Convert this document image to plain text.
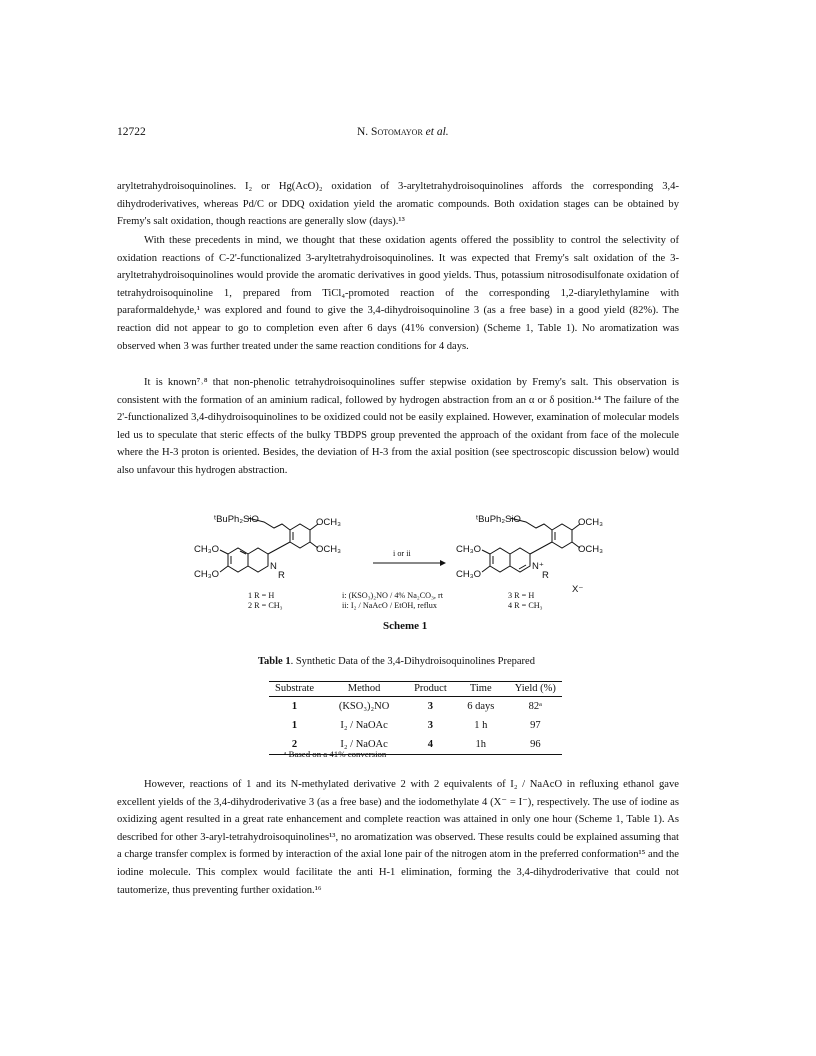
12722	N. Sotomayor et al.

aryltetrahydroisoquinolines. I₂ or Hg(AcO)₂ oxidation of 3-aryltetrahydroisoquinolines affords the corresponding 3,4-dihydroderivatives, whereas Pd/C or DDQ oxidation yield the aromatic compounds. Both oxidation stages can be obtained by Fremy's salt oxidation, though reactions are generally slow (days).¹³

With these precedents in mind, we thought that these oxidation agents offered the possiblity to control the selectivity of oxidation reactions of C-2'-functionalized 3-aryltetrahydroisoquinolines. It was expected that Fremy's salt oxidation of the 3-aryltetrahydroisoquinolines would provide the aromatic derivatives in good yields. Thus, potassium nitrosodisulfonate oxidation of tetrahydroisoquinoline 1, prepared from TiCl₄-promoted reaction of the corresponding 1,2-diarylethylamine with paraformaldehyde,¹ was explored and found to give the 3,4-dihydroisoquinoline 3 (as a free base) in a good yield (82%). The reaction did not appear to go to completion even after 6 days (41% conversion) (Scheme 1, Table 1). No aromatization was observed when 3 was further treated under the same reaction conditions for 4 days.

It is known⁷˒⁸ that non-phenolic tetrahydroisoquinolines suffer stepwise oxidation by Fremy's salt. This observation is consistent with the formation of an aminium radical, followed by hydrogen abstraction from an α or δ position.¹⁴ The failure of the 2'-functionalized 3,4-dihydroisoquinolines to be oxidized could not be easily explained. However, examination of molecular models led us to speculate that steric effects of the bulky TBDPS group prevented the approach of the oxidant from face of the molecule where the H-3 proton is oriented. Besides, the deviation of H-3 from the axial position (see spectroscopic discussion below) would also unfavour this hydrogen abstraction.

ᵗBuPh₂SiO	OCH₃
OCH₃
CH₃O
CH₃O
N
R
i or ii
ᵗBuPh₂SiO	OCH₃
OCH₃
CH₃O
CH₃O
N⁺
R
X⁻
1 R = H
2 R = CH₃
i: (KSO₃)₂NO / 4% Na₂CO₃, rt
ii: I₂ / NaAcO / EtOH, reflux
3 R = H
4 R = CH₃
Scheme 1
Table 1. Synthetic Data of the 3,4-Dihydroisoquinolines Prepared
Substrate	Method	Product	Time	Yield (%)
1	(KSO₃)₂NO	3	6 days	82ᵃ
1	I₂ / NaOAc	3	1 h	97
2	I₂ / NaOAc	4	1h	96
ᵃ Based on a 41% conversion

However, reactions of 1 and its N-methylated derivative 2 with 2 equivalents of I₂ / NaAcO in refluxing ethanol gave excellent yields of the 3,4-dihydroderivative 3 (as a free base) and the iodomethylate 4 (X⁻ = I⁻), respectively. The use of iodine as oxidizing agent resulted in a great rate enhancement and complete reaction was attained in only one hour (Scheme 1, Table 1). As described for other 3-aryl-tetrahydroisoquinolines¹³, no aromatization was observed. These results could be explained assuming that a charge transfer complex is formed by interaction of the axial lone pair of the nitrogen atom in the preferred conformation¹⁵ and the iodine molecule. This complex would facilitate the anti H-1 elimination, forming the 3,4-dihydroderivative that could not tautomerize, thus preventing further oxidation.¹⁶
